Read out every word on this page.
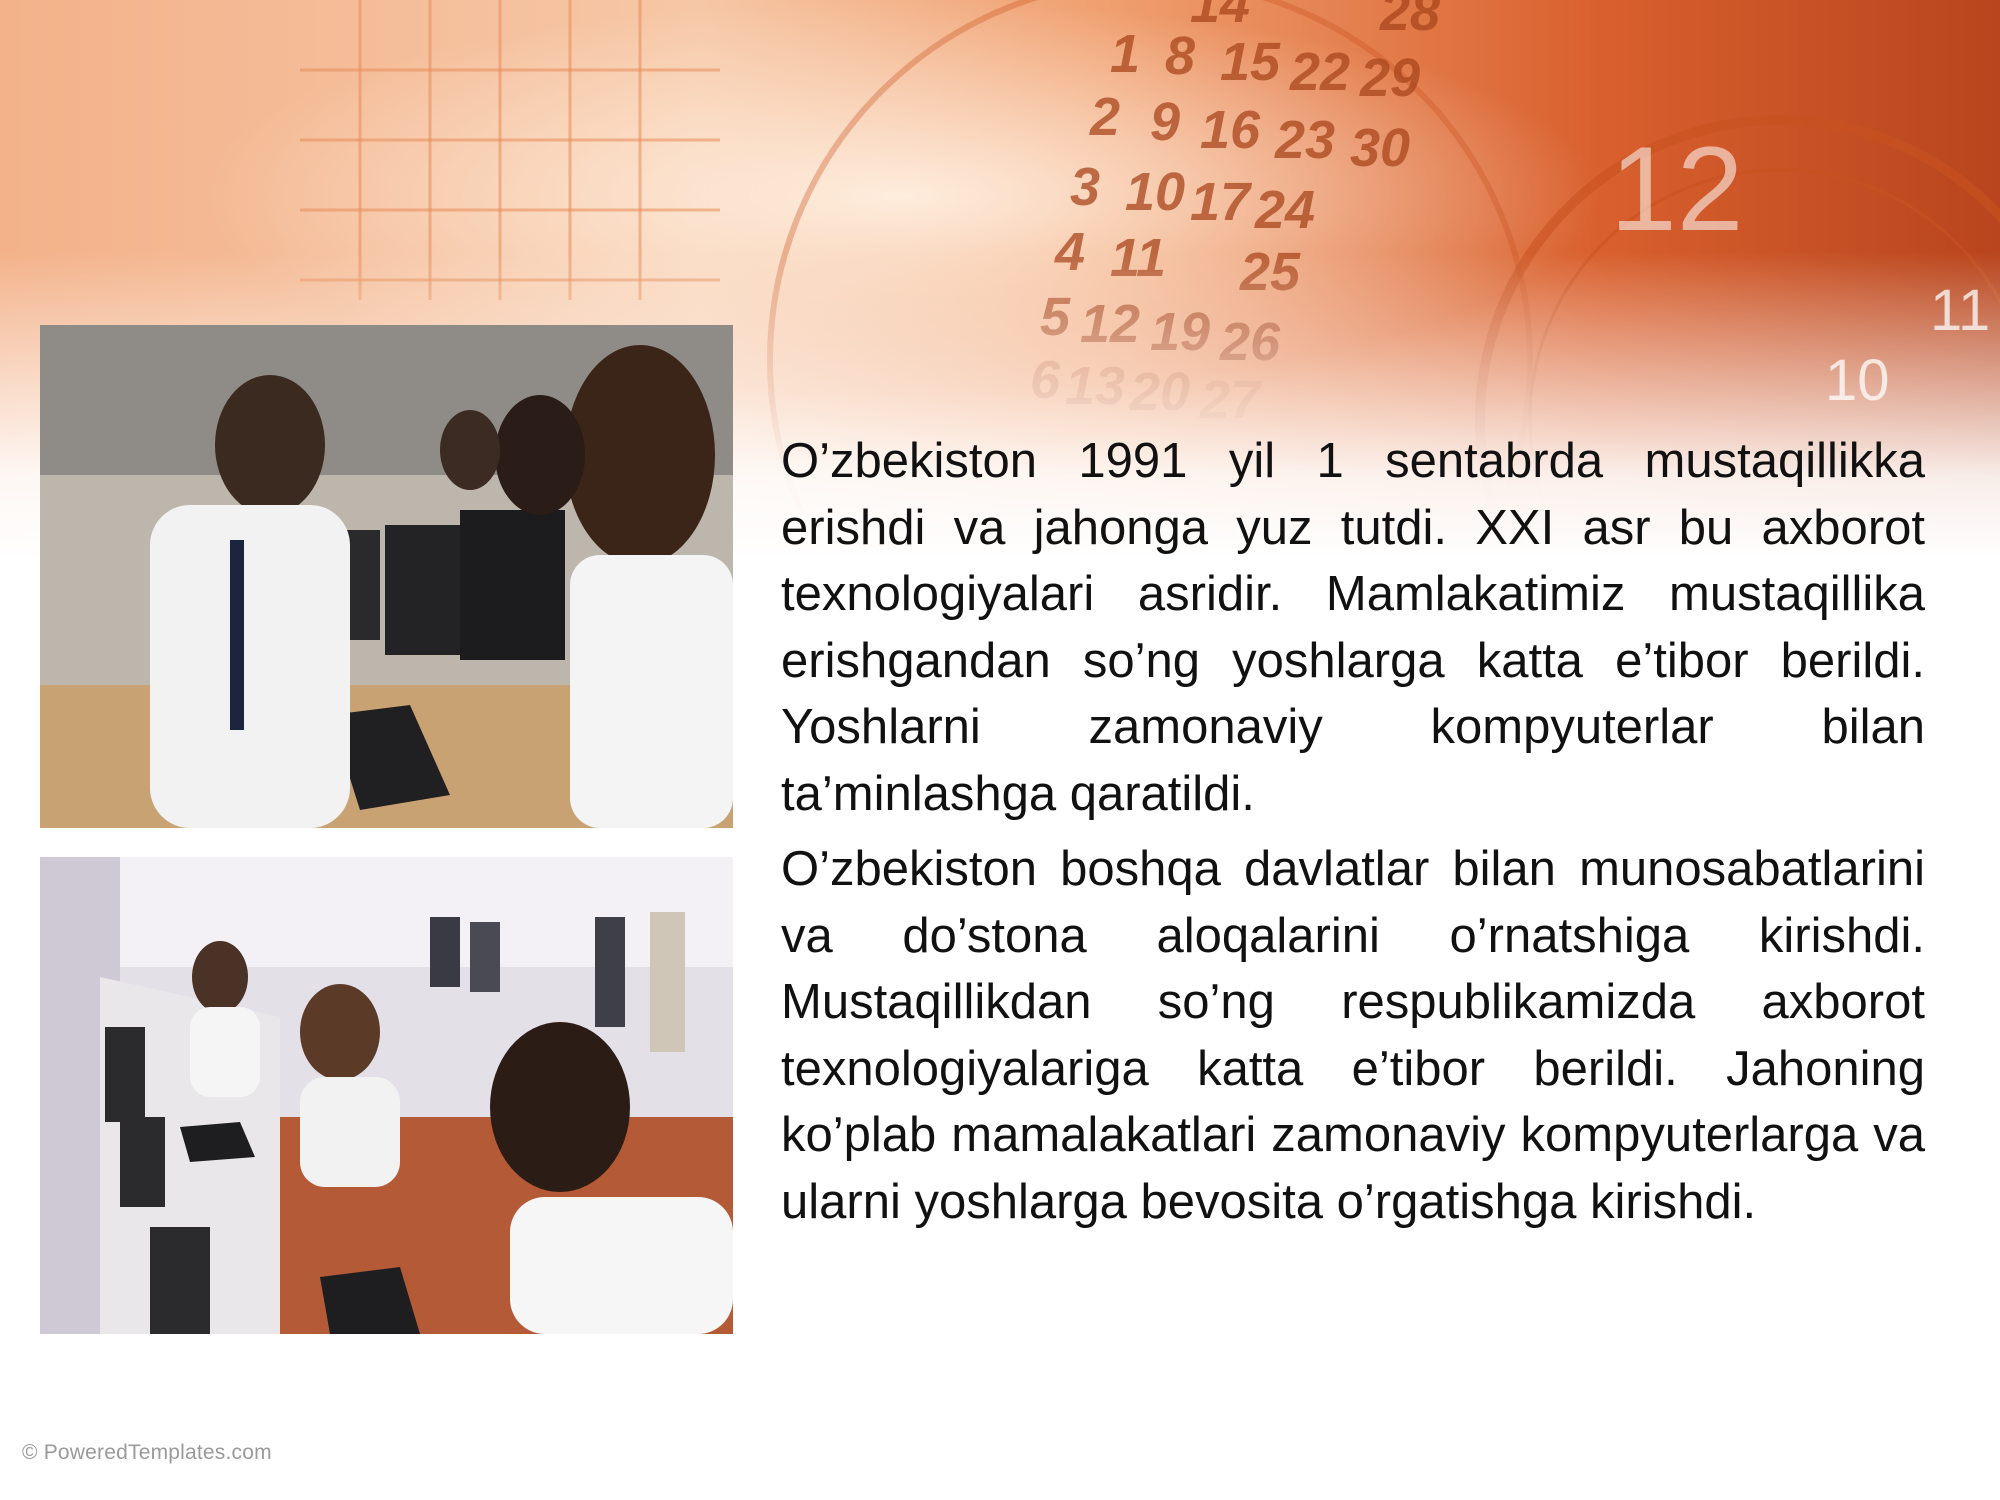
O’zbekiston 1991 yil 1 sentabrda mustaqillikka erishdi va jahonga yuz tutdi. XXI asr bu axborot texnologiyalari asridir. Mamlakatimiz mustaqillika erishgandan so’ng yoshlarga katta e’tibor berildi. Yoshlarni zamonaviy kompyuterlar bilan ta’minlashga qaratildi.

O’zbekiston boshqa davlatlar bilan munosabatlarini va do’stona aloqalarini o’rnatshiga kirishdi. Mustaqillikdan so’ng respublikamizda axborot texnologiyalariga katta e’tibor berildi. Jahoning ko’plab mamalakatlari zamonaviy kompyuterlarga va ularni yoshlarga bevosita o’rgatishga kirishdi.

© PoweredTemplates.com
